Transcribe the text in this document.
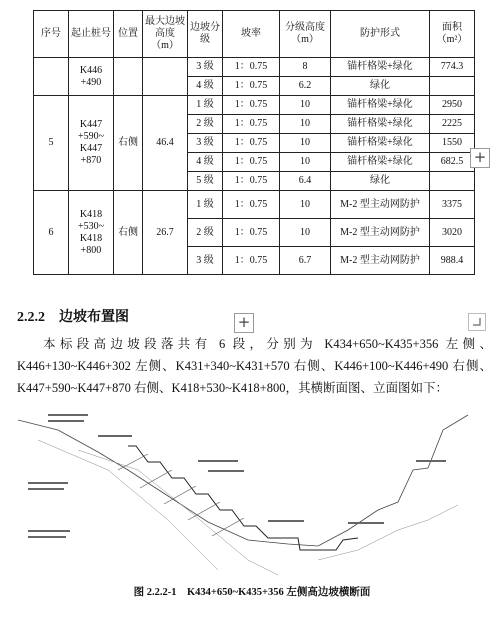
序号	起止桩号	位置	最大边坡高度（m）	边坡分级	坡率	分级高度（m）	防护形式	面积（m²）
	K446 +490			3 级	1：0.75	8	锚杆格梁+绿化	774.3
				4 级	1：0.75	6.2	绿化	
5	K447 +590~ K447 +870	右侧	46.4	1 级	1：0.75	10	锚杆格梁+绿化	2950
				2 级	1：0.75	10	锚杆格梁+绿化	2225
				3 级	1：0.75	10	锚杆格梁+绿化	1550
				4 级	1：0.75	10	锚杆格梁+绿化	682.5
				5 级	1：0.75	6.4	绿化	
6	K418 +530~ K418 +800	右侧	26.7	1 级	1：0.75	10	M-2 型主动网防护	3375
				2 级	1：0.75	10	M-2 型主动网防护	3020
				3 级	1：0.75	6.7	M-2 型主动网防护	988.4
+
+
2.2.2　边坡布置图
本标段高边坡段落共有 6 段，分别为 K434+650~K435+356 左侧、K446+130~K446+302 左侧、K431+340~K431+570 右侧、K446+100~K446+490 右侧、K447+590~K447+870 右侧、K418+530~K418+800，其横断面图、立面图如下：
图 2.2.2-1　K434+650~K435+356 左侧高边坡横断面
